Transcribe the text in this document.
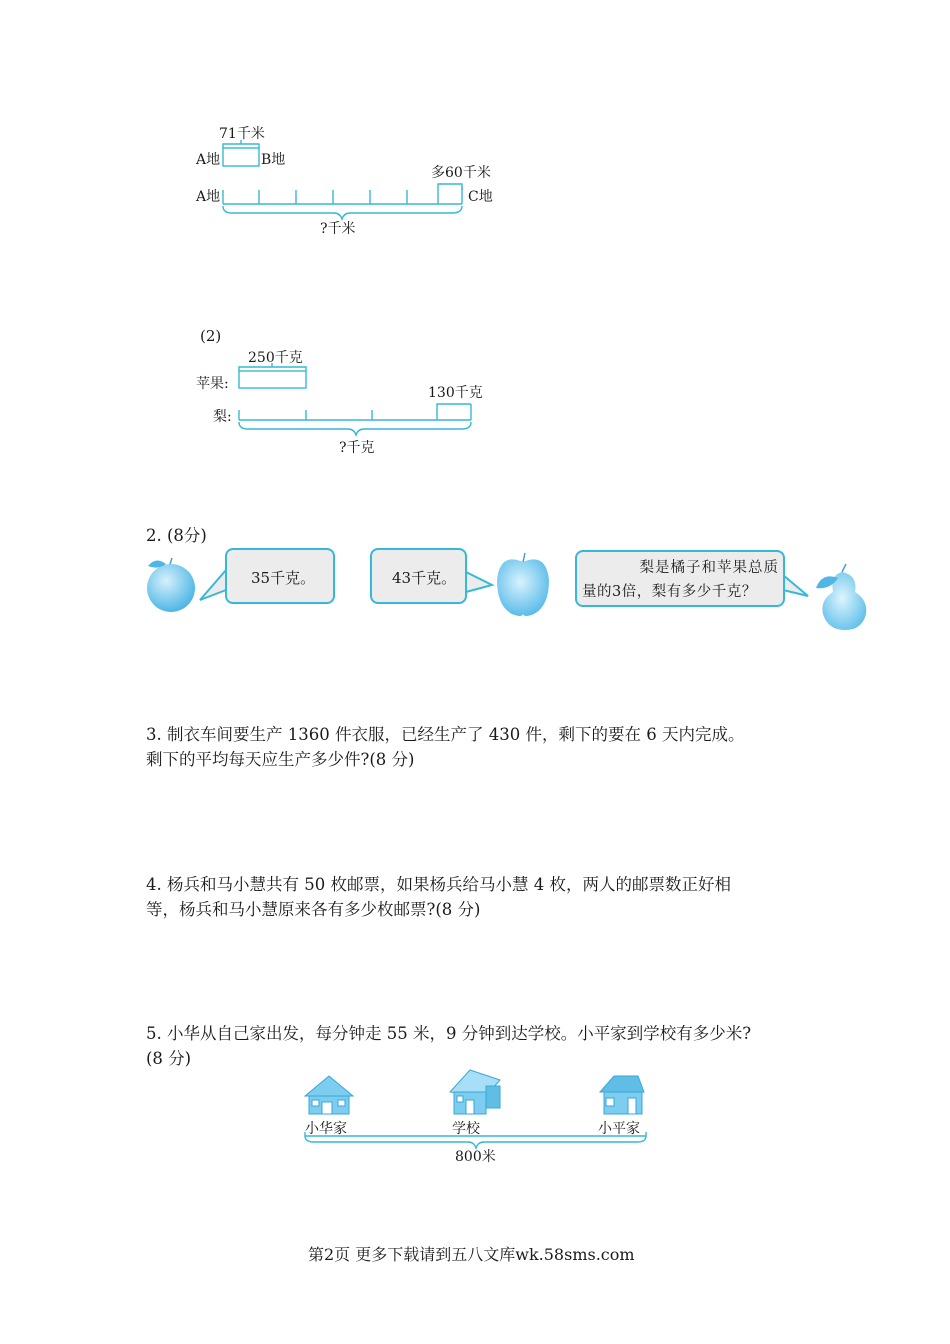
71千米
A地	B地
多60千米
A地	C地
?千米
(2)
250千克
苹果:
130千克
梨:
?千克
2. (8分)
35千克。	43千克。
梨是橘子和苹果总质
量的3倍，梨有多少千克？
3. 制衣车间要生产 1360 件衣服，已经生产了 430 件，剩下的要在 6 天内完成。
剩下的平均每天应生产多少件?(8 分)
4. 杨兵和马小慧共有 50 枚邮票，如果杨兵给马小慧 4 枚，两人的邮票数正好相
等，杨兵和马小慧原来各有多少枚邮票?(8 分)
5. 小华从自己家出发，每分钟走 55 米，9 分钟到达学校。小平家到学校有多少米?
(8 分)
小华家	学校	小平家
800米
第2页 更多下载请到五八文库wk.58sms.com
